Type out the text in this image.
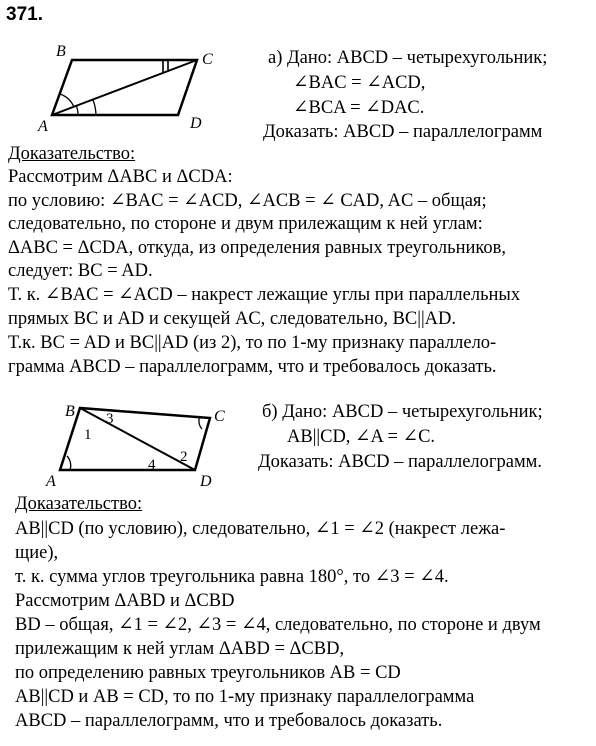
371.
B	C
A	D
а) Дано: ABCD – четырехугольник;
∠BAC = ∠ACD,
∠BCA = ∠DAC.
Доказать: ABCD – параллелограмм
Доказательство:
Рассмотрим ΔABC и ΔCDA:
по условию: ∠BAC = ∠ACD, ∠ACB = ∠ CAD, AC – общая;
следовательно, по стороне и двум прилежащим к ней углам:
ΔABC = ΔCDA, откуда, из определения равных треугольников,
следует: BC = AD.
Т. к. ∠BAC = ∠ACD – накрест лежащие углы при параллельных
прямых BC и AD и секущей AC, следовательно, BC||AD.
Т.к. BC = AD и BC||AD (из 2), то по 1-му признаку параллело-
грамма ABCD – параллелограмм, что и требовалось доказать.
B	C
A	D
1
3
2
4
б) Дано: ABCD – четырехугольник;
AB||CD, ∠A = ∠C.
Доказать: ABCD – параллелограмм.
Доказательство:
AB||CD (по условию), следовательно, ∠1 = ∠2 (накрест лежа-
щие),
т. к. сумма углов треугольника равна 180°, то ∠3 = ∠4.
Рассмотрим ΔABD и ΔCBD
BD – общая, ∠1 = ∠2, ∠3 = ∠4, следовательно, по стороне и двум
прилежащим к ней углам ΔABD = ΔCBD,
по определению равных треугольников AB = CD
AB||CD и AB = CD, то по 1-му признаку параллелограмма
ABCD – параллелограмм, что и требовалось доказать.
